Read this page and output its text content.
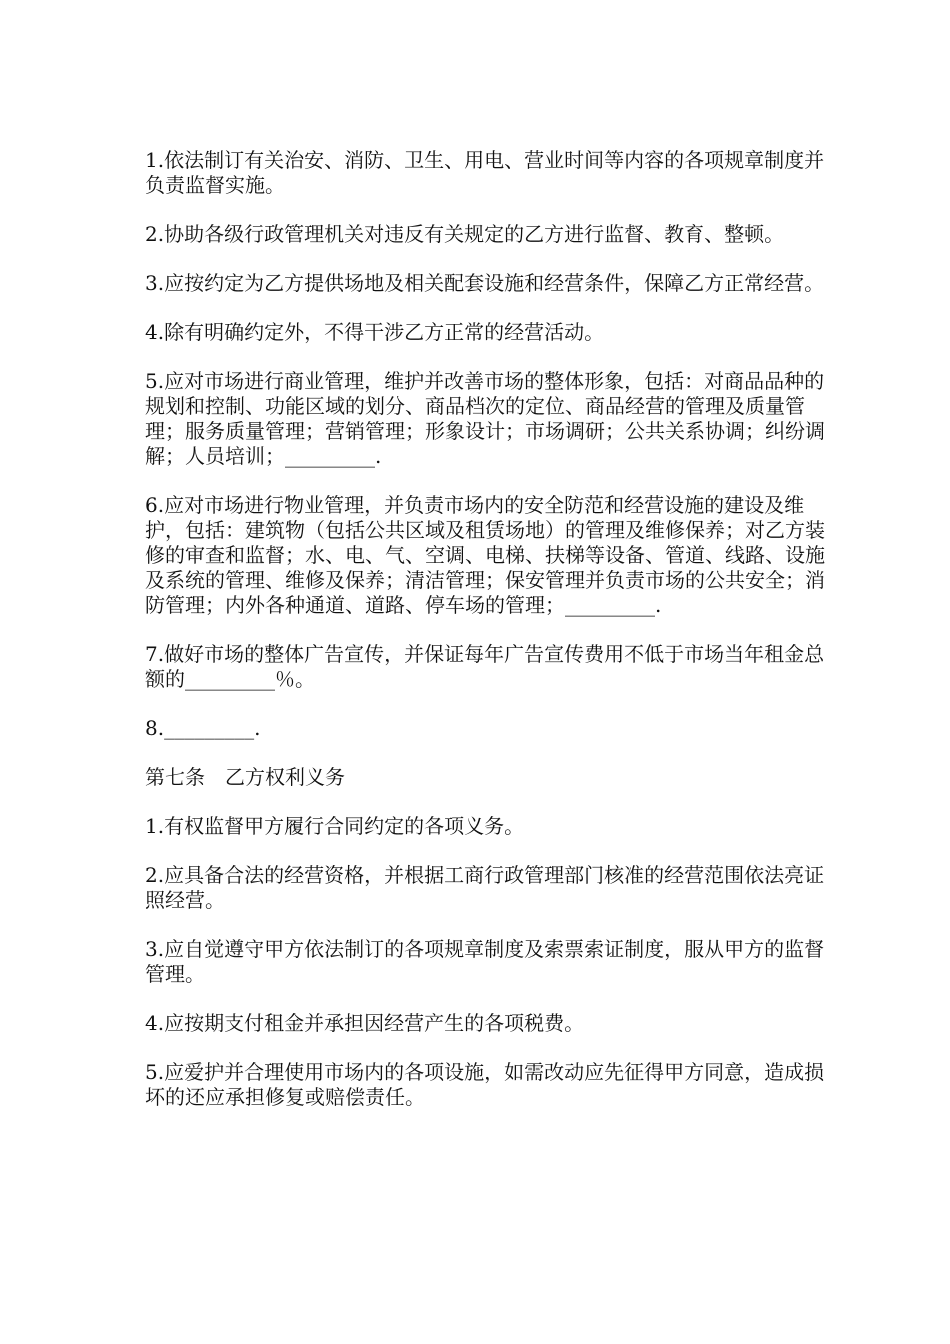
1.依法制订有关治安、消防、卫生、用电、营业时间等内容的各项规章制度并负责监督实施。

2.协助各级行政管理机关对违反有关规定的乙方进行监督、教育、整顿。

3.应按约定为乙方提供场地及相关配套设施和经营条件，保障乙方正常经营。

4.除有明确约定外，不得干涉乙方正常的经营活动。

5.应对市场进行商业管理，维护并改善市场的整体形象，包括：对商品品种的规划和控制、功能区域的划分、商品档次的定位、商品经营的管理及质量管理；服务质量管理；营销管理；形象设计；市场调研；公共关系协调；纠纷调解；人员培训；_________.

6.应对市场进行物业管理，并负责市场内的安全防范和经营设施的建设及维护，包括：建筑物（包括公共区域及租赁场地）的管理及维修保养；对乙方装修的审查和监督；水、电、气、空调、电梯、扶梯等设备、管道、线路、设施及系统的管理、维修及保养；清洁管理；保安管理并负责市场的公共安全；消防管理；内外各种通道、道路、停车场的管理；_________.

7.做好市场的整体广告宣传，并保证每年广告宣传费用不低于市场当年租金总额的_________％。

8._________.

第七条　乙方权利义务

1.有权监督甲方履行合同约定的各项义务。

2.应具备合法的经营资格，并根据工商行政管理部门核准的经营范围依法亮证照经营。

3.应自觉遵守甲方依法制订的各项规章制度及索票索证制度，服从甲方的监督管理。

4.应按期支付租金并承担因经营产生的各项税费。

5.应爱护并合理使用市场内的各项设施，如需改动应先征得甲方同意，造成损坏的还应承担修复或赔偿责任。
